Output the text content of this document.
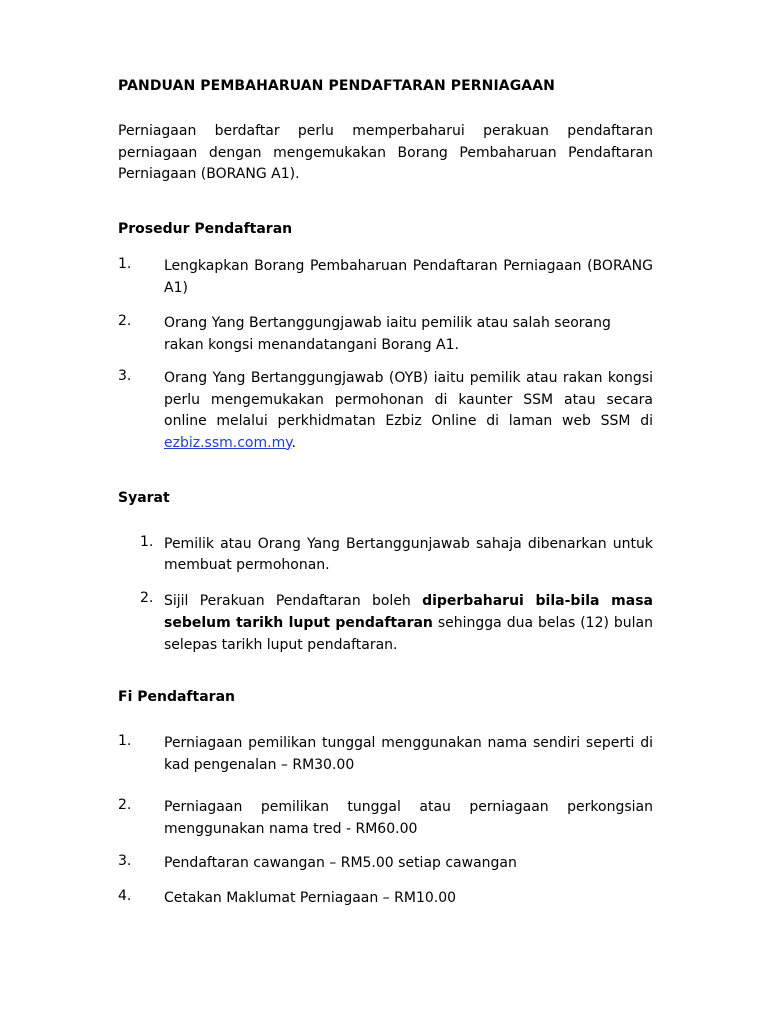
PANDUAN PEMBAHARUAN PENDAFTARAN PERNIAGAAN
Perniagaan berdaftar perlu memperbaharui perakuan pendaftaran perniagaan dengan mengemukakan Borang Pembaharuan Pendaftaran Perniagaan (BORANG A1).
Prosedur Pendaftaran
1. Lengkapkan Borang Pembaharuan Pendaftaran Perniagaan (BORANG A1)
2. Orang Yang Bertanggungjawab iaitu pemilik atau salah seorang rakan kongsi menandatangani Borang A1.
3. Orang Yang Bertanggungjawab (OYB) iaitu pemilik atau rakan kongsi perlu mengemukakan permohonan di kaunter SSM atau secara online melalui perkhidmatan Ezbiz Online di laman web SSM di ezbiz.ssm.com.my.
Syarat
1. Pemilik atau Orang Yang Bertanggunjawab sahaja dibenarkan untuk membuat permohonan.
2. Sijil Perakuan Pendaftaran boleh diperbaharui bila-bila masa sebelum tarikh luput pendaftaran sehingga dua belas (12) bulan selepas tarikh luput pendaftaran.
Fi Pendaftaran
1. Perniagaan pemilikan tunggal menggunakan nama sendiri seperti di kad pengenalan – RM30.00
2. Perniagaan pemilikan tunggal atau perniagaan perkongsian menggunakan nama tred - RM60.00
3. Pendaftaran cawangan – RM5.00 setiap cawangan
4. Cetakan Maklumat Perniagaan – RM10.00
